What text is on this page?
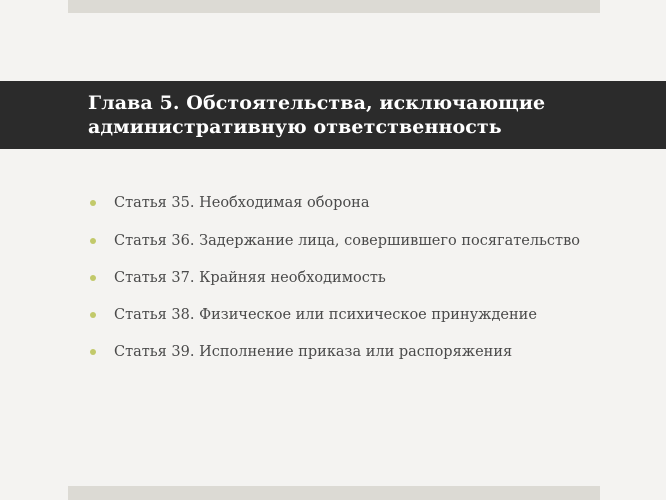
Глава 5. Обстоятельства, исключающие административную ответственность
Статья 35. Необходимая оборона
Статья 36. Задержание лица, совершившего посягательство
Статья 37. Крайняя необходимость
Статья 38. Физическое или психическое принуждение
Статья 39. Исполнение приказа или распоряжения
